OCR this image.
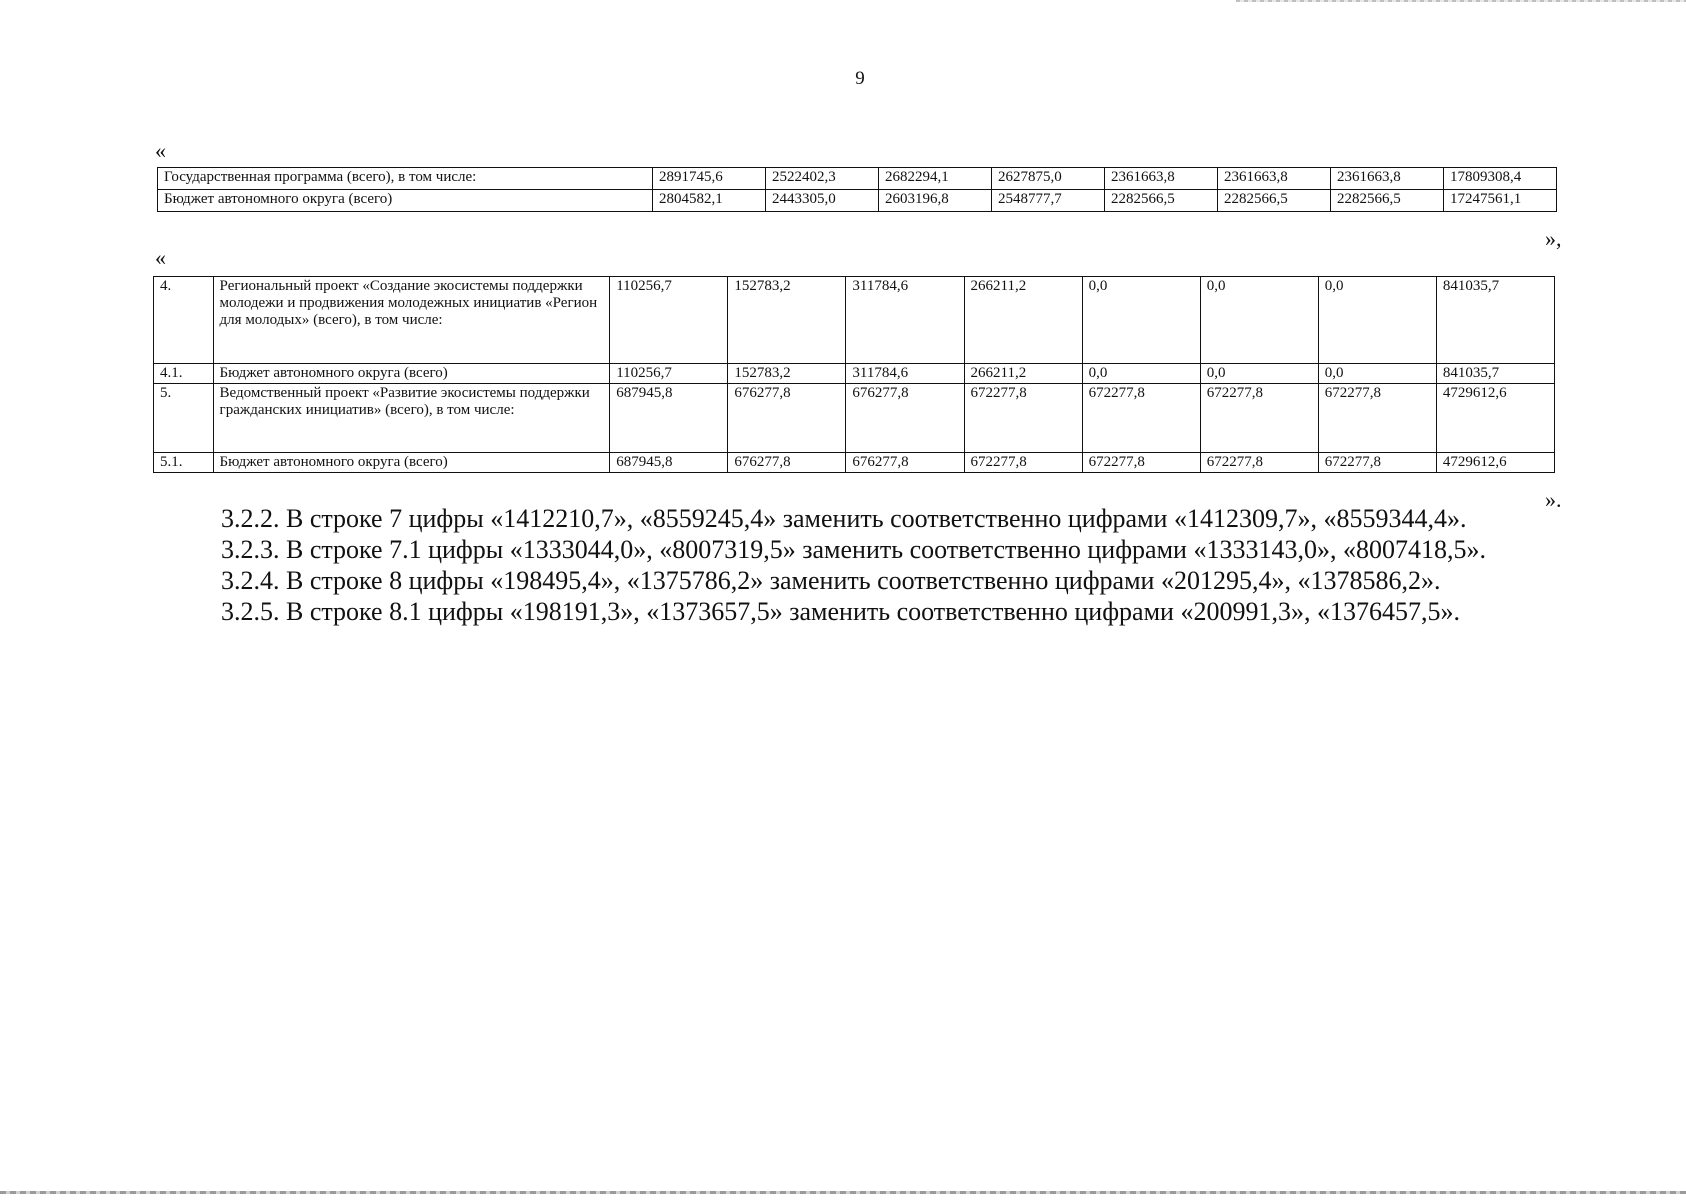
9
«
Государственная программа (всего), в том числе:	2891745,6	2522402,3	2682294,1	2627875,0	2361663,8	2361663,8	2361663,8	17809308,4
Бюджет автономного округа (всего)	2804582,1	2443305,0	2603196,8	2548777,7	2282566,5	2282566,5	2282566,5	17247561,1
»,
«
4.	Региональный проект «Создание экосистемы поддержки молодежи и продвижения молодежных инициатив «Регион для молодых» (всего), в том числе:	110256,7	152783,2	311784,6	266211,2	0,0	0,0	0,0	841035,7
4.1.	Бюджет автономного округа (всего)	110256,7	152783,2	311784,6	266211,2	0,0	0,0	0,0	841035,7
5.	Ведомственный проект «Развитие экосистемы поддержки гражданских инициатив» (всего), в том числе:	687945,8	676277,8	676277,8	672277,8	672277,8	672277,8	672277,8	4729612,6
5.1.	Бюджет автономного округа (всего)	687945,8	676277,8	676277,8	672277,8	672277,8	672277,8	672277,8	4729612,6
».

3.2.2. В строке 7 цифры «1412210,7», «8559245,4» заменить соответственно цифрами «1412309,7», «8559344,4».

3.2.3. В строке 7.1 цифры «1333044,0», «8007319,5» заменить соответственно цифрами «1333143,0», «8007418,5».

3.2.4. В строке 8 цифры «198495,4», «1375786,2» заменить соответственно цифрами «201295,4», «1378586,2».

3.2.5. В строке 8.1 цифры «198191,3», «1373657,5» заменить соответственно цифрами «200991,3», «1376457,5».
